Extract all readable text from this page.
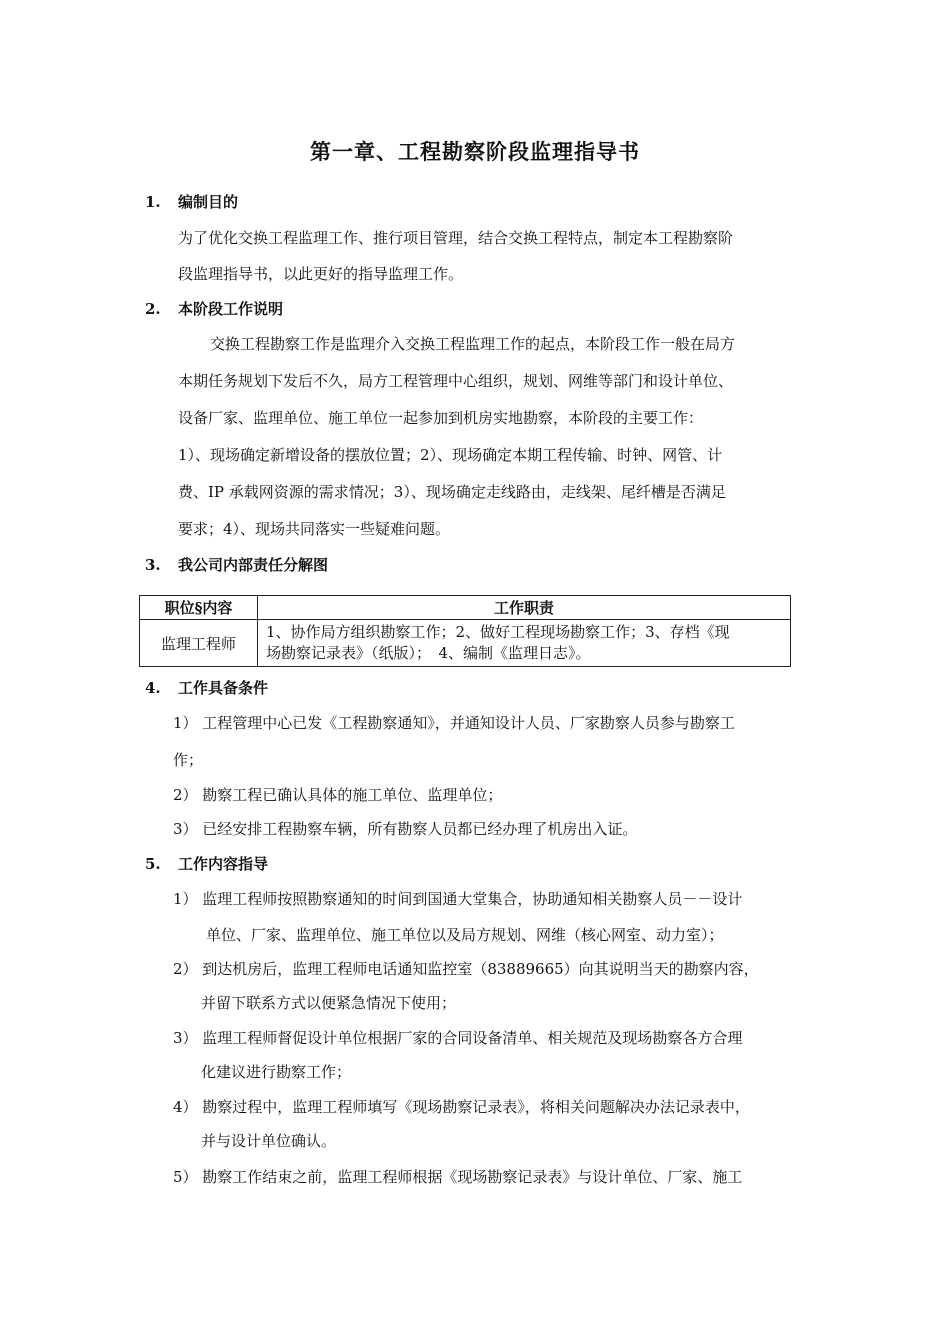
第一章、工程勘察阶段监理指导书
1. 编制目的
为了优化交换工程监理工作、推行项目管理，结合交换工程特点，制定本工程勘察阶
段监理指导书，以此更好的指导监理工作。
2. 本阶段工作说明
交换工程勘察工作是监理介入交换工程监理工作的起点，本阶段工作一般在局方
本期任务规划下发后不久，局方工程管理中心组织，规划、网维等部门和设计单位、
设备厂家、监理单位、施工单位一起参加到机房实地勘察，本阶段的主要工作：
1）、现场确定新增设备的摆放位置；2）、现场确定本期工程传输、时钟、网管、计
费、IP 承载网资源的需求情况；3）、现场确定走线路由，走线架、尾纤槽是否满足
要求；4）、现场共同落实一些疑难问题。
3. 我公司内部责任分解图
职位§内容	工作职责
监理工程师	1、协作局方组织勘察工作；2、做好工程现场勘察工作；3、存档《现
场勘察记录表》（纸版）；　4、编制《监理日志》。
4. 工作具备条件
1） 工程管理中心已发《工程勘察通知》，并通知设计人员、厂家勘察人员参与勘察工
作；
2） 勘察工程已确认具体的施工单位、监理单位；
3） 已经安排工程勘察车辆，所有勘察人员都已经办理了机房出入证。
5. 工作内容指导
1） 监理工程师按照勘察通知的时间到国通大堂集合，协助通知相关勘察人员－－设计
单位、厂家、监理单位、施工单位以及局方规划、网维（核心网室、动力室）；
2） 到达机房后，监理工程师电话通知监控室（83889665）向其说明当天的勘察内容，
并留下联系方式以便紧急情况下使用；
3） 监理工程师督促设计单位根据厂家的合同设备清单、相关规范及现场勘察各方合理
化建议进行勘察工作；
4） 勘察过程中，监理工程师填写《现场勘察记录表》，将相关问题解决办法记录表中，
并与设计单位确认。
5） 勘察工作结束之前，监理工程师根据《现场勘察记录表》与设计单位、厂家、施工
